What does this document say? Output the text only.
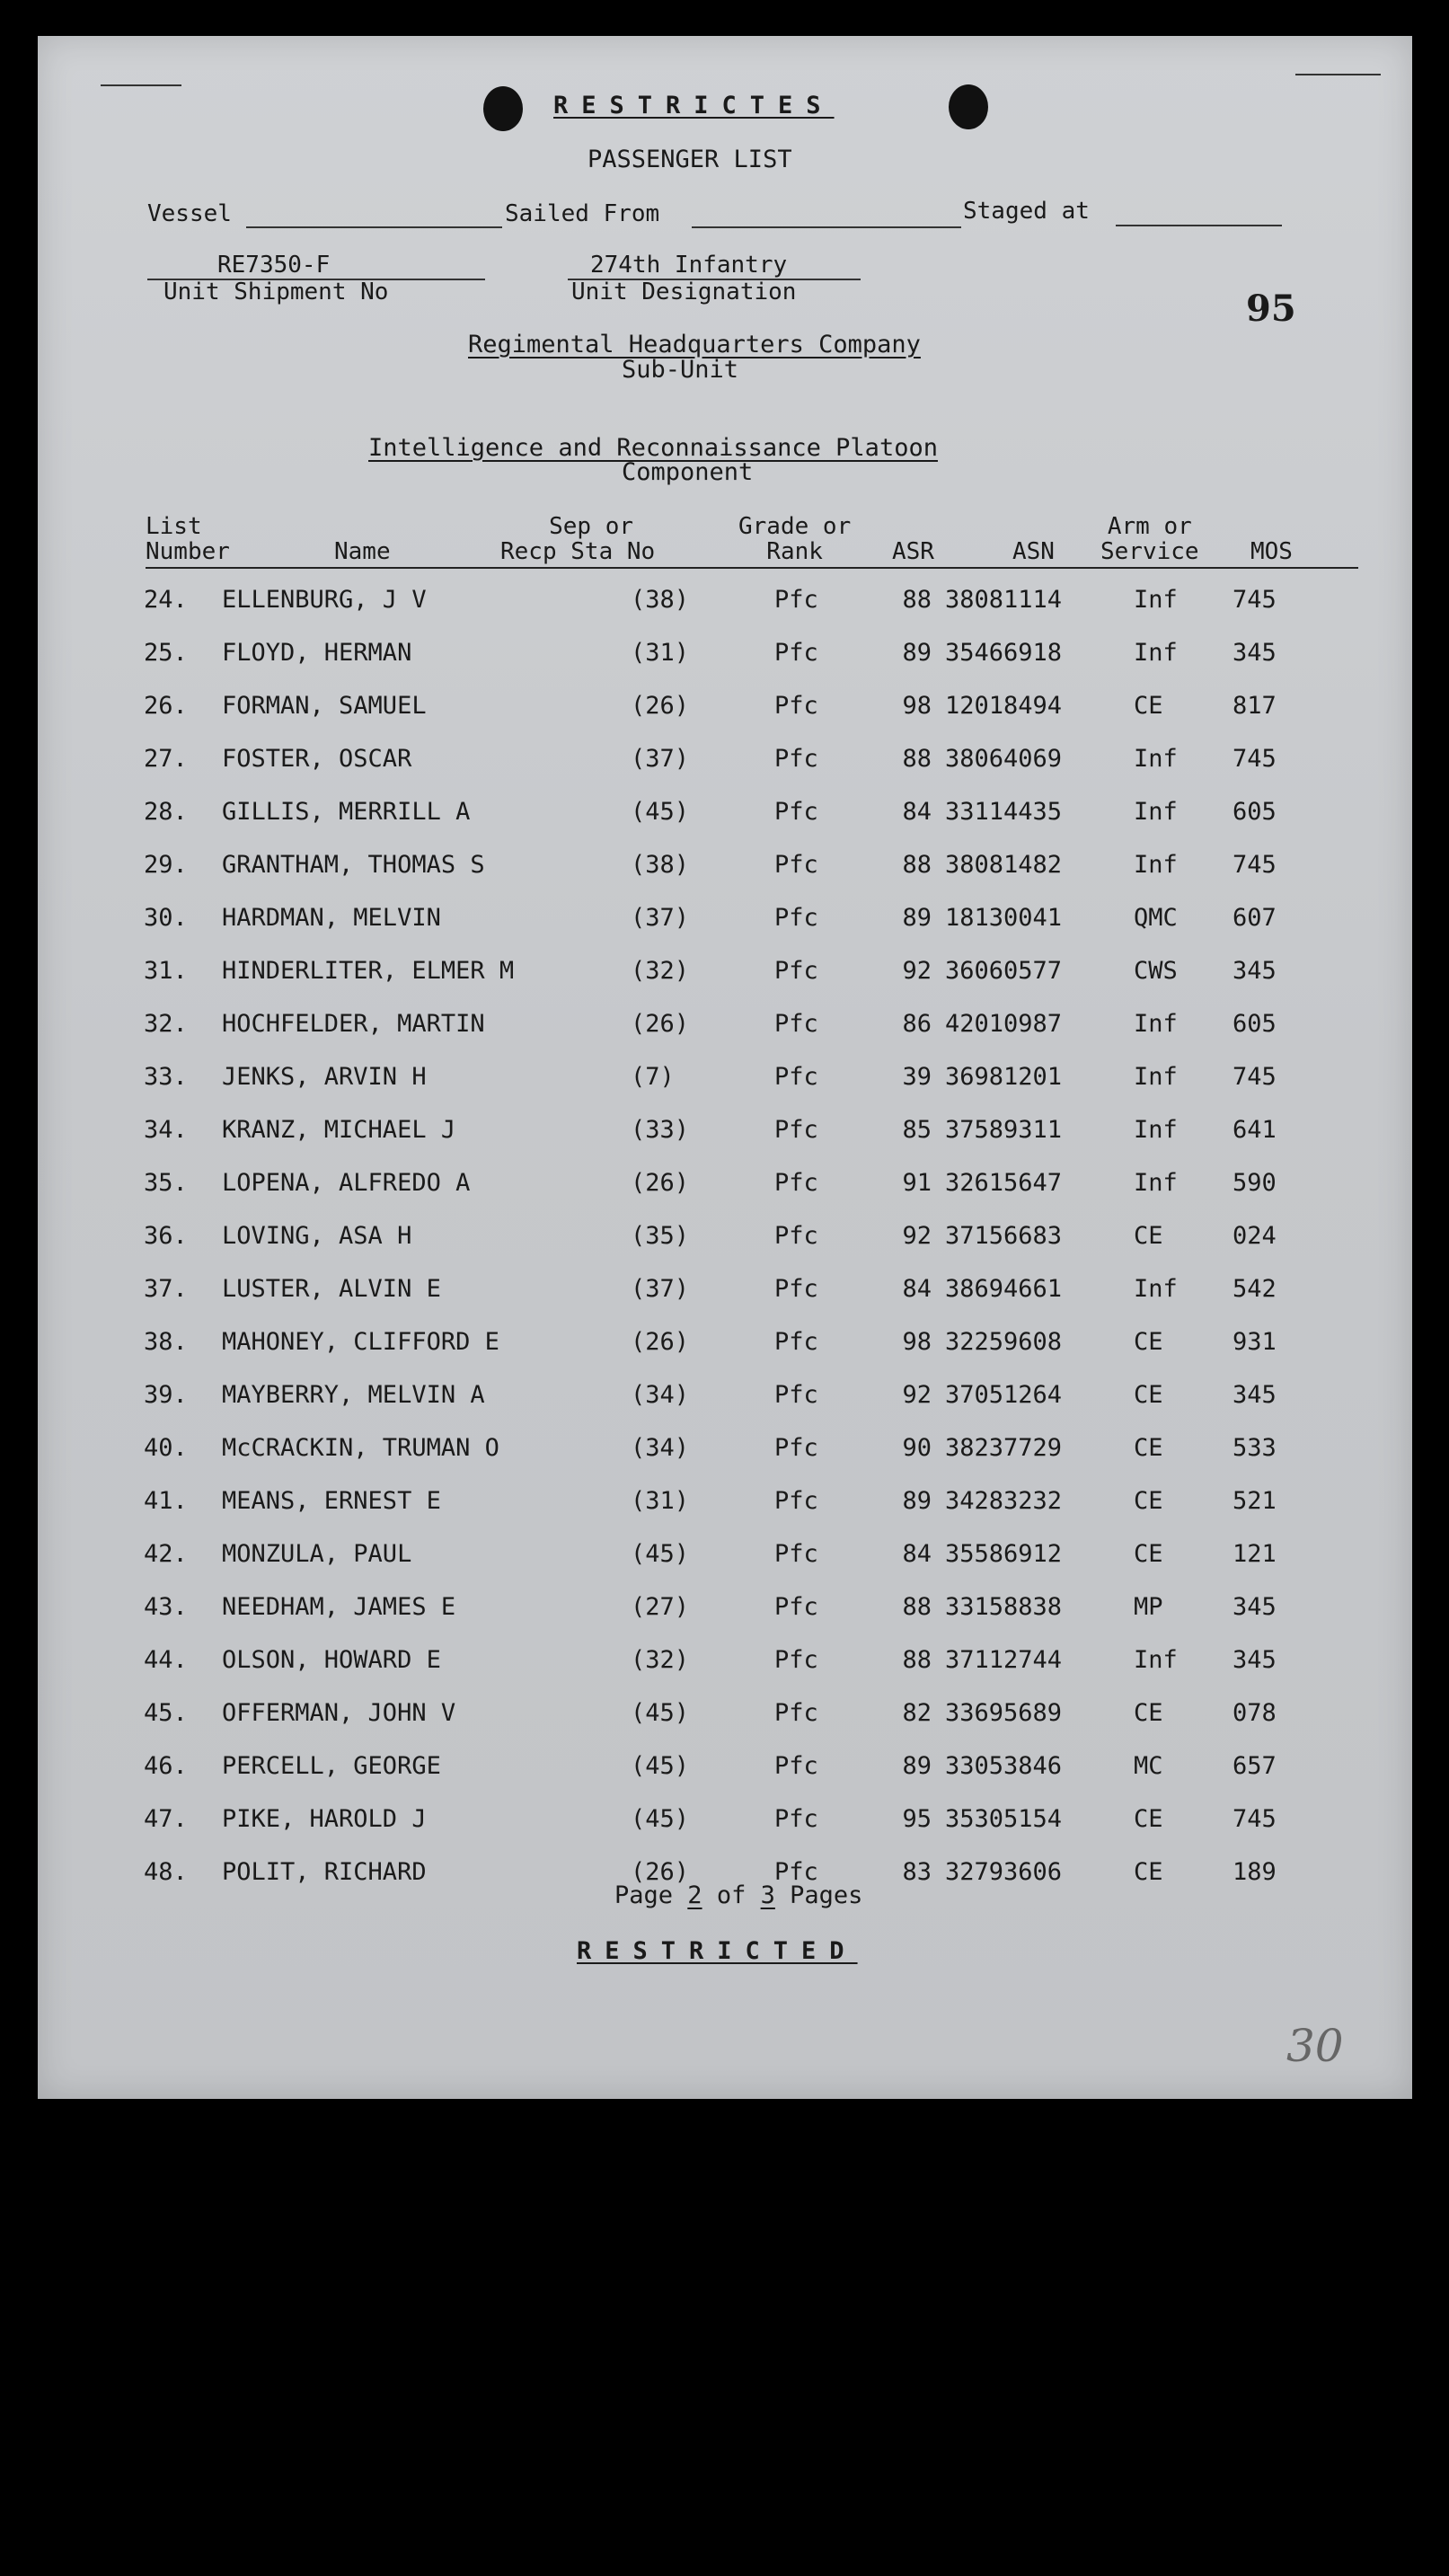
RESTRICTES
PASSENGER LIST
Vessel	Sailed From	Staged at
RE7350-F
Unit Shipment No
274th Infantry
Unit Designation	95
Regimental Headquarters Company
Sub-Unit
Intelligence and Reconnaissance Platoon
Component
List
Number	Name
Sep or
Recp Sta No
Grade or
Rank	ASR	ASN
Arm or
Service MOS
24. ELLENBURG, J V	(38)	Pfc	88 38081114	Inf 745
25. FLOYD, HERMAN	(31)	Pfc	89 35466918	Inf 345
26. FORMAN, SAMUEL	(26)	Pfc	98 12018494	CE	817
27. FOSTER, OSCAR	(37)	Pfc	88 38064069	Inf 745
28. GILLIS, MERRILL A	(45)	Pfc	84 33114435	Inf 605
29. GRANTHAM, THOMAS S	(38)	Pfc	88 38081482	Inf 745
30. HARDMAN, MELVIN	(37)	Pfc	89 18130041	QMC 607
31. HINDERLITER, ELMER M	(32)	Pfc	92 36060577	CWS 345
32. HOCHFELDER, MARTIN	(26)	Pfc	86 42010987	Inf 605
33. JENKS, ARVIN H	(7)	Pfc	39 36981201	Inf 745
34. KRANZ, MICHAEL J	(33)	Pfc	85 37589311	Inf 641
35. LOPENA, ALFREDO A	(26)	Pfc	91 32615647	Inf 590
36. LOVING, ASA H	(35)	Pfc	92 37156683	CE	024
37. LUSTER, ALVIN E	(37)	Pfc	84 38694661	Inf 542
38. MAHONEY, CLIFFORD E	(26)	Pfc	98 32259608	CE	931
39. MAYBERRY, MELVIN A	(34)	Pfc	92 37051264	CE	345
40. McCRACKIN, TRUMAN O	(34)	Pfc	90 38237729	CE	533
41. MEANS, ERNEST E	(31)	Pfc	89 34283232	CE	521
42. MONZULA, PAUL	(45)	Pfc	84 35586912	CE	121
43. NEEDHAM, JAMES E	(27)	Pfc	88 33158838	MP	345
44. OLSON, HOWARD E	(32)	Pfc	88 37112744	Inf 345
45. OFFERMAN, JOHN V	(45)	Pfc	82 33695689	CE	078
46. PERCELL, GEORGE	(45)	Pfc	89 33053846	MC	657
47. PIKE, HAROLD J	(45)	Pfc	95 35305154	CE	745
48. POLIT, RICHARD	(26)	Pfc	83 32793606	CE	189
Page 2 of 3 Pages
RESTRICTED
30
